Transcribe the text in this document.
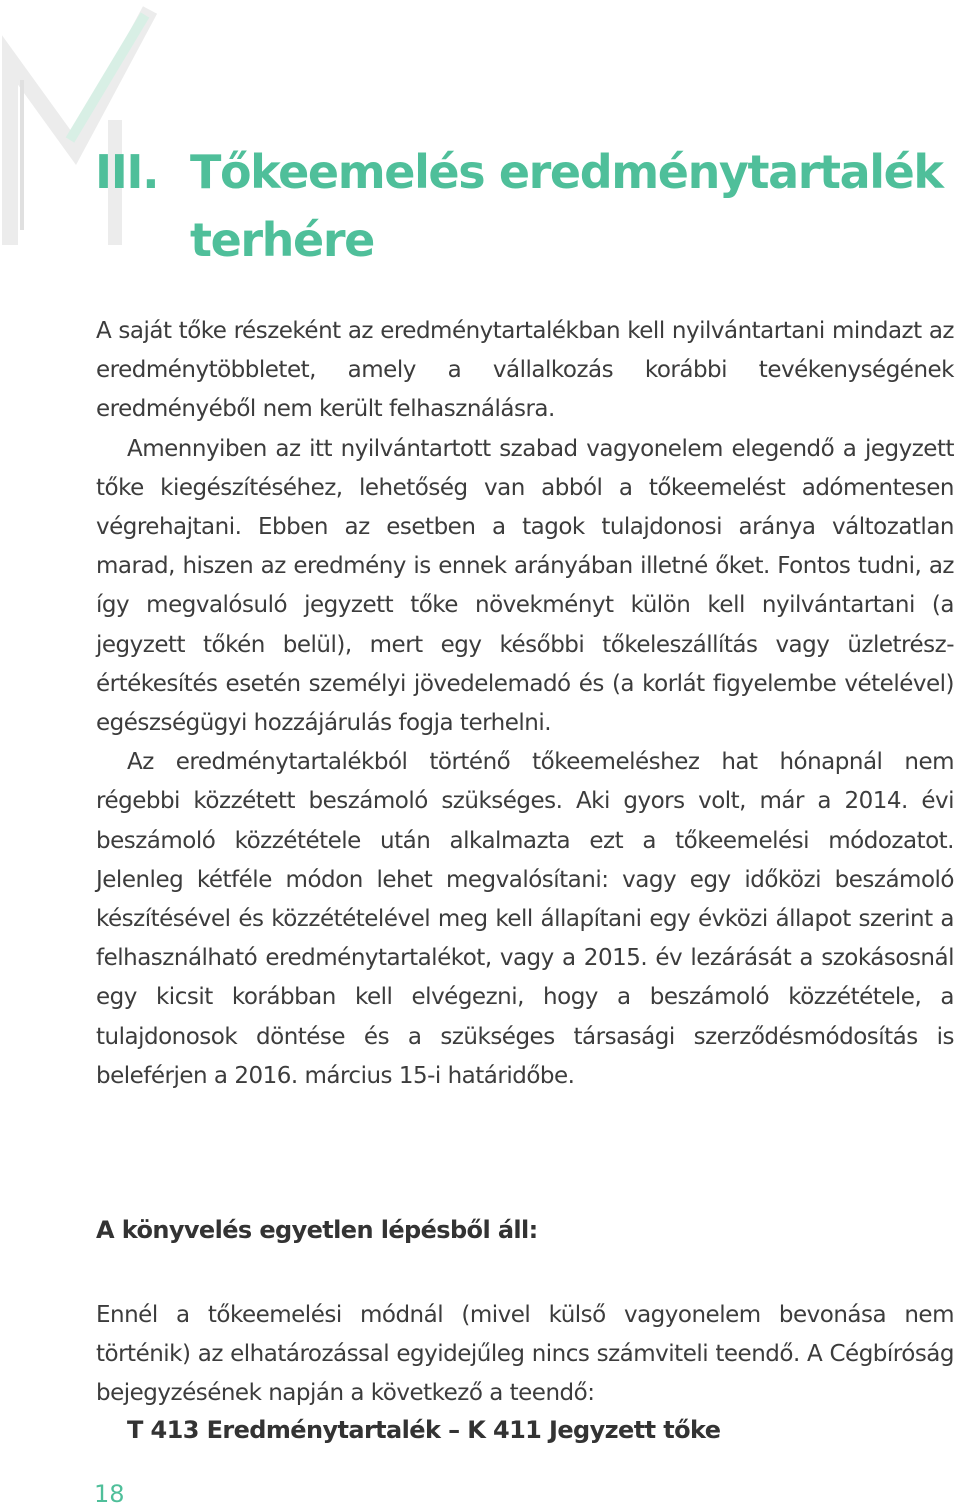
III. Tőkeemelés eredménytartalék terhére

A saját tőke részeként az eredménytartalékban kell nyilvántartani mindazt az eredménytöbbletet, amely a vállalkozás korábbi tevékenységének eredményéből nem került felhasználásra.

Amennyiben az itt nyilvántartott szabad vagyonelem elegendő a jegyzett tőke kiegészítéséhez, lehetőség van abból a tőkeemelést adómentesen végrehajtani. Ebben az esetben a tagok tulajdonosi aránya változatlan marad, hiszen az eredmény is ennek arányában illetné őket. Fontos tudni, az így megvalósuló jegyzett tőke növekményt külön kell nyilvántartani (a jegyzett tőkén belül), mert egy későbbi tőkeleszállítás vagy üzletrész-értékesítés esetén személyi jövedelemadó és (a korlát figyelembe vételével) egészségügyi hozzájárulás fogja terhelni.

Az eredménytartalékból történő tőkeemeléshez hat hónapnál nem régebbi közzétett beszámoló szükséges. Aki gyors volt, már a 2014. évi beszámoló közzététele után alkalmazta ezt a tőkeemelési módozatot. Jelenleg kétféle módon lehet megvalósítani: vagy egy időközi beszámoló készítésével és közzétételével meg kell állapítani egy évközi állapot szerint a felhasználható eredménytartalékot, vagy a 2015. év lezárását a szokásosnál egy kicsit korábban kell elvégezni, hogy a beszámoló közzététele, a tulajdonosok döntése és a szükséges társasági szerződésmódosítás is beleférjen a 2016. március 15-i határidőbe.

A könyvelés egyetlen lépésből áll:

Ennél a tőkeemelési módnál (mivel külső vagyonelem bevonása nem történik) az elhatározással egyidejűleg nincs számviteli teendő. A Cégbíróság bejegyzésének napján a következő a teendő:

T 413 Eredménytartalék – K 411 Jegyzett tőke
18
